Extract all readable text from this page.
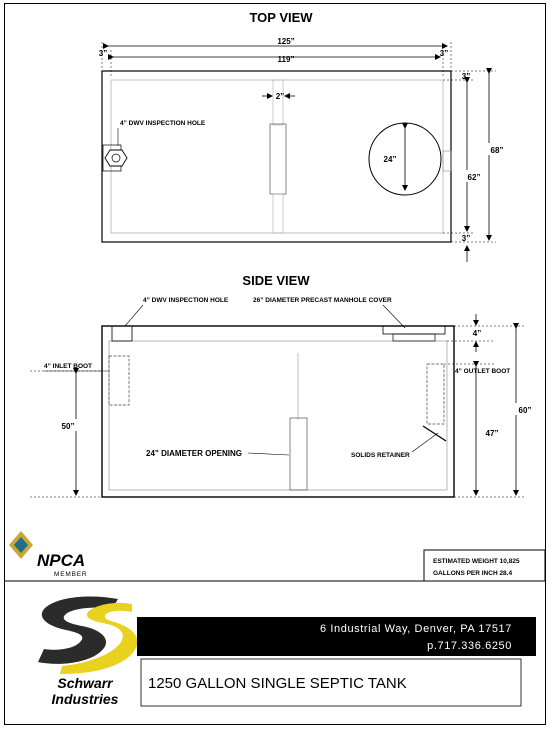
TOP VIEW
125”
119”
3”	3”
2”
4” DWV INSPECTION HOLE
24”
3”
62”
68”
3”
SIDE VIEW
4” DWV INSPECTION HOLE	26” DIAMETER PRECAST MANHOLE COVER
4” INLET BOOT
4” OUTLET BOOT
SOLIDS RETAINER
24” DIAMETER OPENING
50”
4”
47”
60”
NPCA
MEMBER
ESTIMATED WEIGHT 10,825
GALLONS PER INCH 28.4
Schwarr
Industries
6 Industrial Way, Denver, PA 17517
p.717.336.6250
1250 GALLON SINGLE SEPTIC TANK
